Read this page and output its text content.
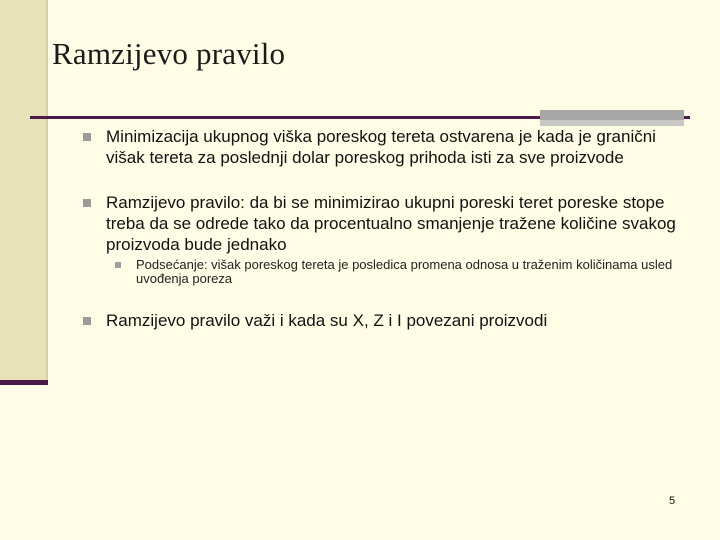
Ramzijevo pravilo
Minimizacija ukupnog viška poreskog tereta ostvarena je kada je granični višak tereta za poslednji dolar poreskog prihoda isti za sve proizvode
Ramzijevo pravilo: da bi se minimizirao ukupni poreski teret poreske stope treba da se odrede tako da procentualno smanjenje tražene količine svakog proizvoda bude jednako
Podsećanje: višak poreskog tereta je posledica promena odnosa u traženim količinama usled uvođenja poreza
Ramzijevo pravilo važi i kada su X, Z i I povezani proizvodi
5
